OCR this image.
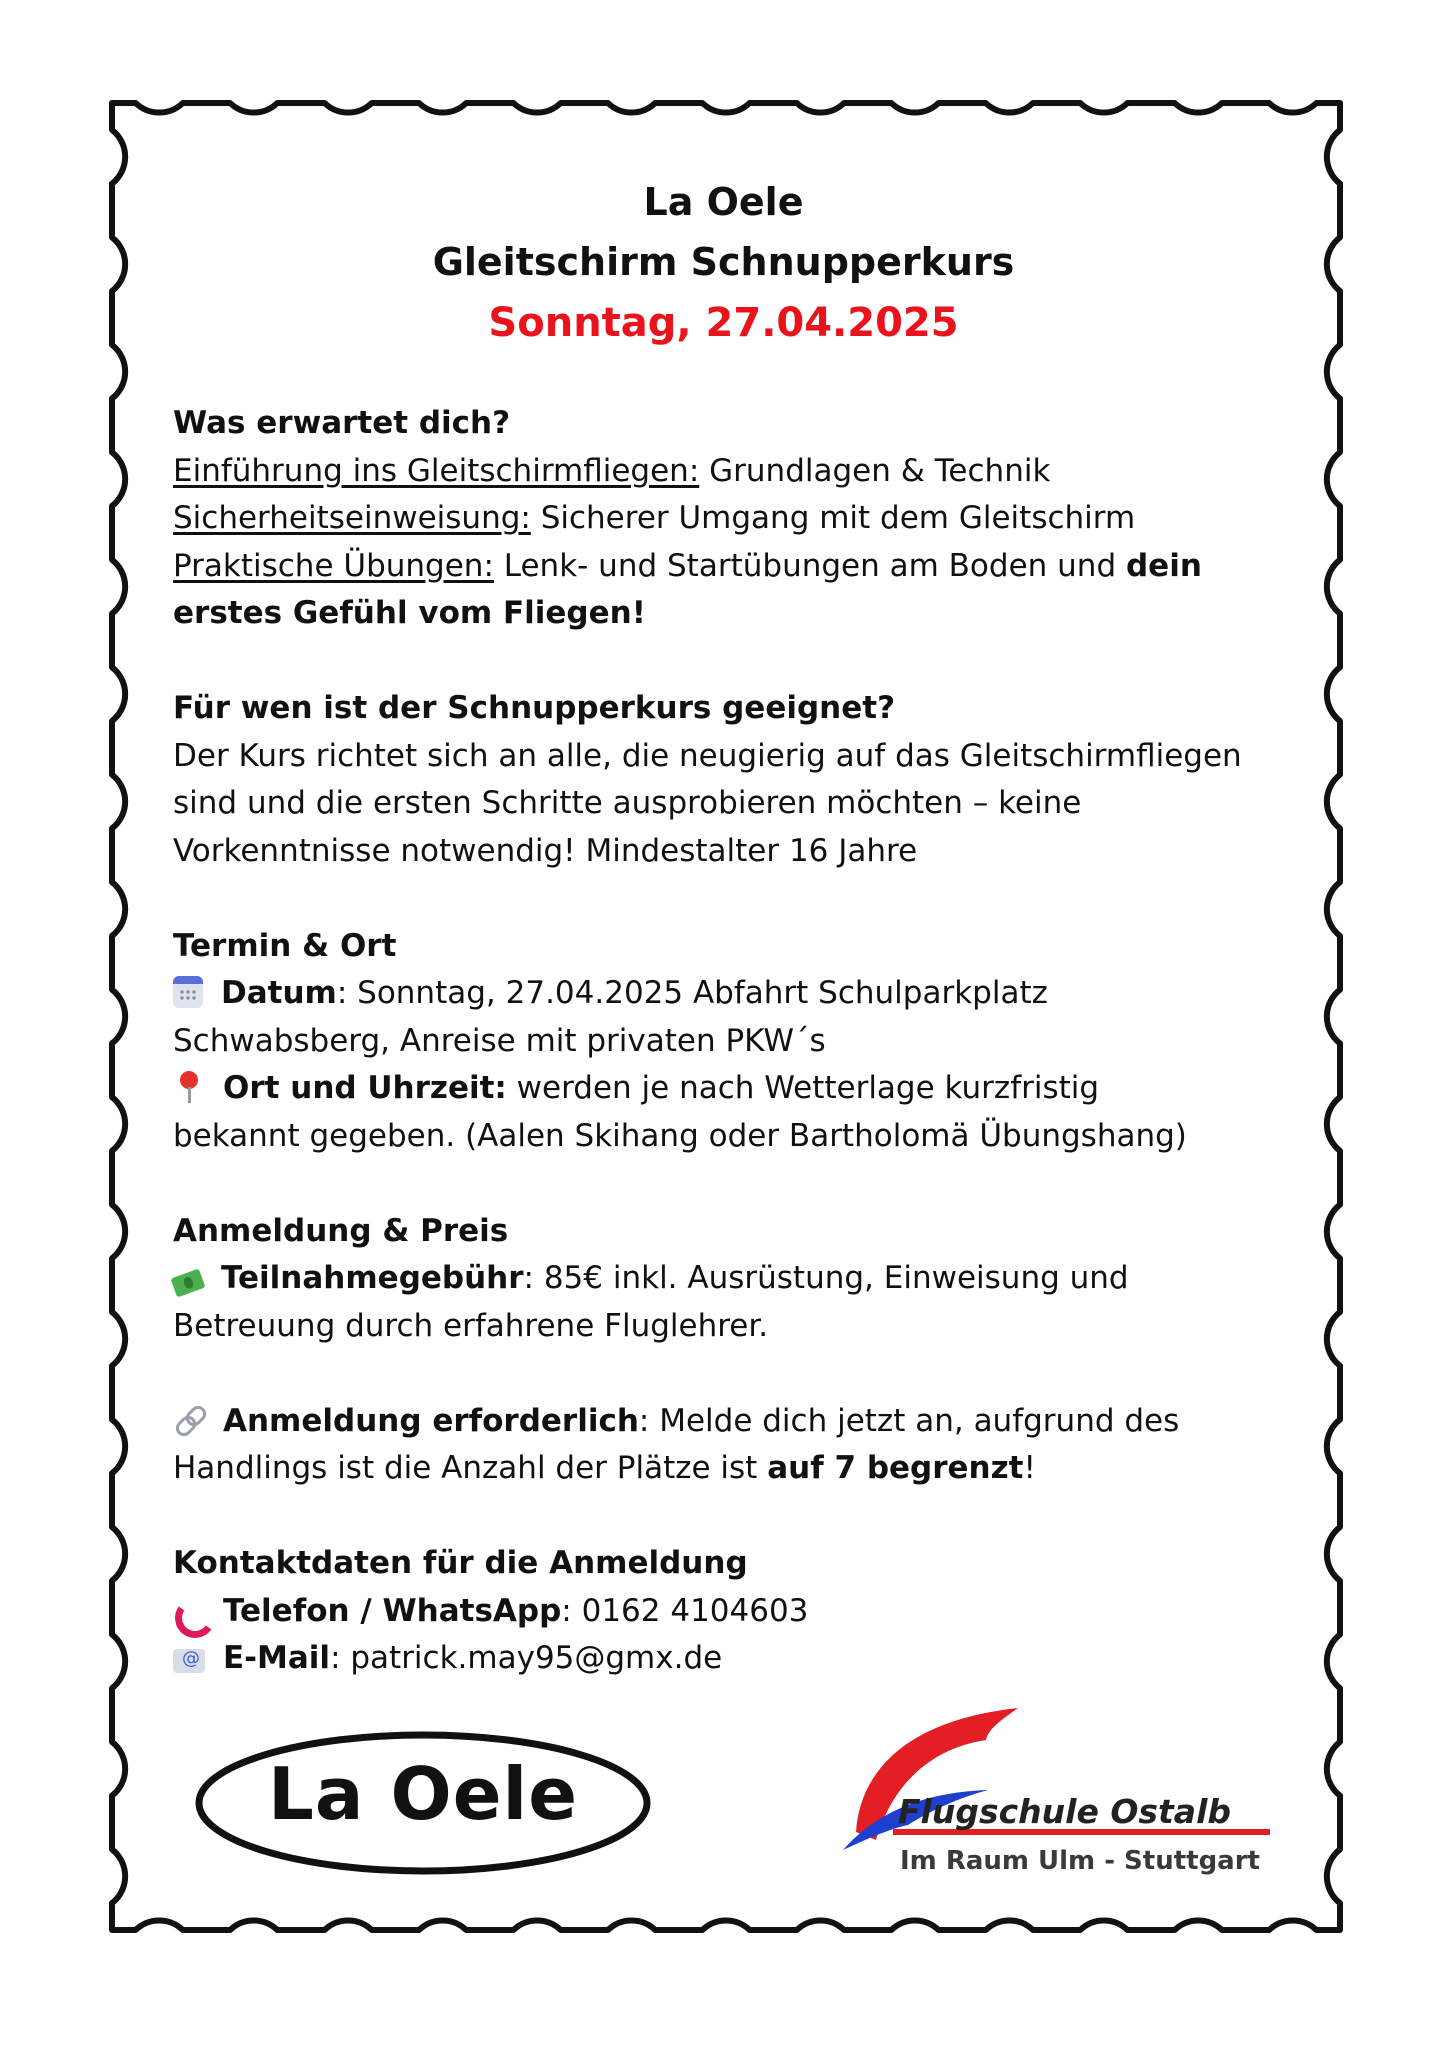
La Oele
Gleitschirm Schnupperkurs
Sonntag, 27.04.2025

Was erwartet dich?

Einführung ins Gleitschirmfliegen: Grundlagen & Technik

Sicherheitseinweisung: Sicherer Umgang mit dem Gleitschirm

Praktische Übungen: Lenk- und Startübungen am Boden und dein

erstes Gefühl vom Fliegen!

Für wen ist der Schnupperkurs geeignet?

Der Kurs richtet sich an alle, die neugierig auf das Gleitschirmfliegen

sind und die ersten Schritte ausprobieren möchten – keine

Vorkenntnisse notwendig! Mindestalter 16 Jahre

Termin & Ort

Datum: Sonntag, 27.04.2025 Abfahrt Schulparkplatz

Schwabsberg, Anreise mit privaten PKW´s

Ort und Uhrzeit: werden je nach Wetterlage kurzfristig

bekannt gegeben. (Aalen Skihang oder Bartholomä Übungshang)

Anmeldung & Preis

Teilnahmegebühr: 85€ inkl. Ausrüstung, Einweisung und

Betreuung durch erfahrene Fluglehrer.

Anmeldung erforderlich: Melde dich jetzt an, aufgrund des

Handlings ist die Anzahl der Plätze ist auf 7 begrenzt!

Kontaktdaten für die Anmeldung

Telefon / WhatsApp: 0162 4104603

@E-Mail: patrick.may95@gmx.de

La Oele	Flugschule Ostalb
Im Raum Ulm - Stuttgart
